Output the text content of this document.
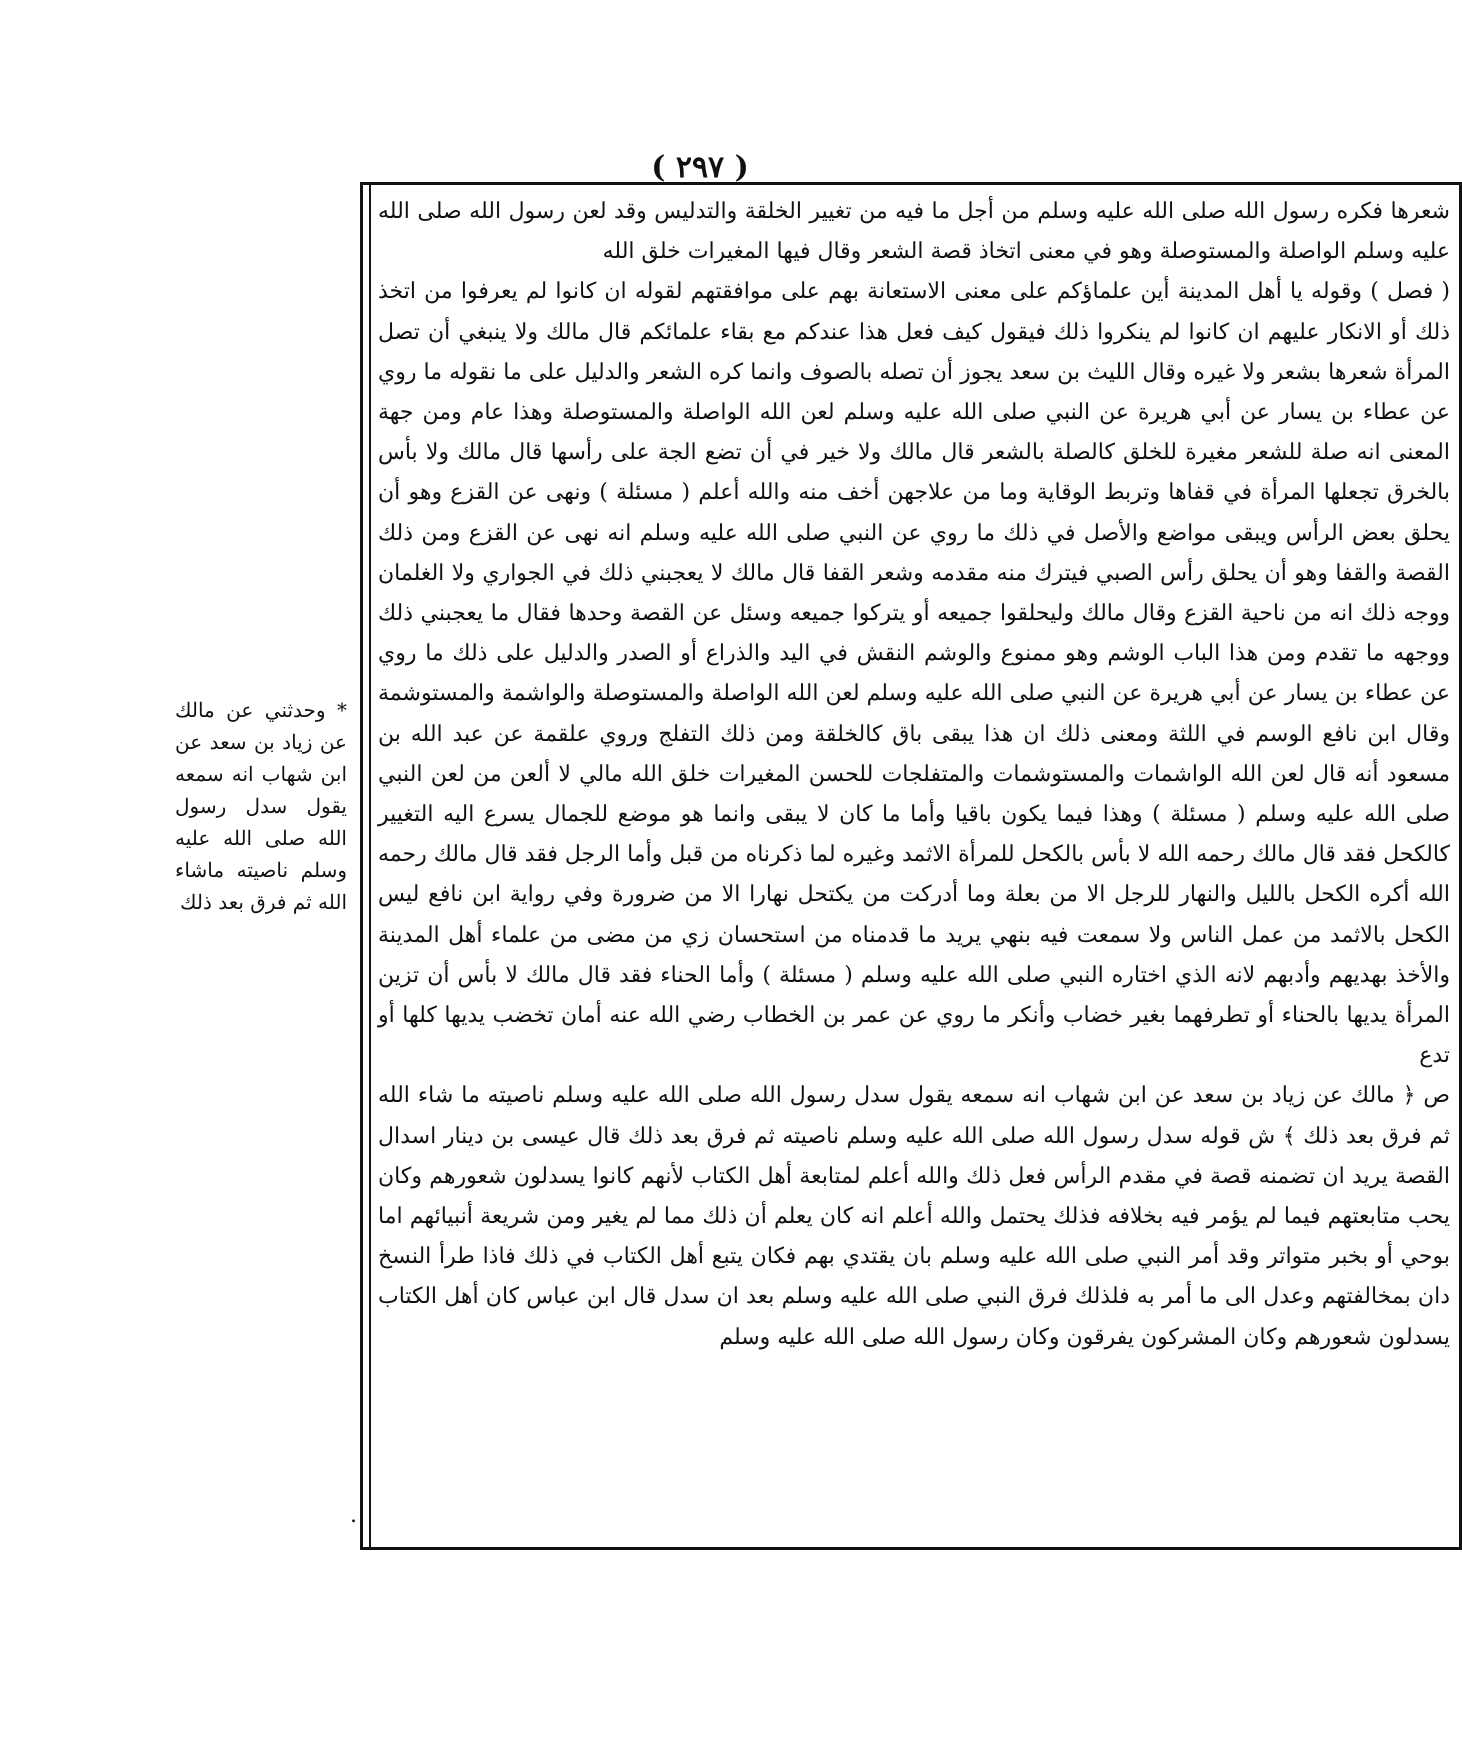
( ٢٩٧ )
* وحدثني عن مالك عن زياد بن سعد عن ابن شهاب انه سمعه يقول سدل رسول الله صلى الله عليه وسلم ناصيته ماشاء الله ثم فرق بعد ذلك

شعرها فكره رسول الله صلى الله عليه وسلم من أجل ما فيه من تغيير الخلقة والتدليس وقد لعن رسول الله صلى الله عليه وسلم الواصلة والمستوصلة وهو في معنى اتخاذ قصة الشعر وقال فيها المغيرات خلق الله

( فصل ) وقوله يا أهل المدينة أين علماؤكم على معنى الاستعانة بهم على موافقتهم لقوله ان كانوا لم يعرفوا من اتخذ ذلك أو الانكار عليهم ان كانوا لم ينكروا ذلك فيقول كيف فعل هذا عندكم مع بقاء علمائكم قال مالك ولا ينبغي أن تصل المرأة شعرها بشعر ولا غيره وقال الليث بن سعد يجوز أن تصله بالصوف وانما كره الشعر والدليل على ما نقوله ما روي عن عطاء بن يسار عن أبي هريرة عن النبي صلى الله عليه وسلم لعن الله الواصلة والمستوصلة وهذا عام ومن جهة المعنى انه صلة للشعر مغيرة للخلق كالصلة بالشعر قال مالك ولا خير في أن تضع الجة على رأسها قال مالك ولا بأس بالخرق تجعلها المرأة في قفاها وتربط الوقاية وما من علاجهن أخف منه والله أعلم ( مسئلة ) ونهى عن القزع وهو أن يحلق بعض الرأس ويبقى مواضع والأصل في ذلك ما روي عن النبي صلى الله عليه وسلم انه نهى عن القزع ومن ذلك القصة والقفا وهو أن يحلق رأس الصبي فيترك منه مقدمه وشعر القفا قال مالك لا يعجبني ذلك في الجواري ولا الغلمان ووجه ذلك انه من ناحية القزع وقال مالك وليحلقوا جميعه أو يتركوا جميعه وسئل عن القصة وحدها فقال ما يعجبني ذلك ووجهه ما تقدم ومن هذا الباب الوشم وهو ممنوع والوشم النقش في اليد والذراع أو الصدر والدليل على ذلك ما روي عن عطاء بن يسار عن أبي هريرة عن النبي صلى الله عليه وسلم لعن الله الواصلة والمستوصلة والواشمة والمستوشمة وقال ابن نافع الوسم في اللثة ومعنى ذلك ان هذا يبقى باق كالخلقة ومن ذلك التفلج وروي علقمة عن عبد الله بن مسعود أنه قال لعن الله الواشمات والمستوشمات والمتفلجات للحسن المغيرات خلق الله مالي لا ألعن من لعن النبي صلى الله عليه وسلم ( مسئلة ) وهذا فيما يكون باقيا وأما ما كان لا يبقى وانما هو موضع للجمال يسرع اليه التغيير كالكحل فقد قال مالك رحمه الله لا بأس بالكحل للمرأة الاثمد وغيره لما ذكرناه من قبل وأما الرجل فقد قال مالك رحمه الله أكره الكحل بالليل والنهار للرجل الا من بعلة وما أدركت من يكتحل نهارا الا من ضرورة وفي رواية ابن نافع ليس الكحل بالاثمد من عمل الناس ولا سمعت فيه بنهي يريد ما قدمناه من استحسان زي من مضى من علماء أهل المدينة والأخذ بهديهم وأدبهم لانه الذي اختاره النبي صلى الله عليه وسلم ( مسئلة ) وأما الحناء فقد قال مالك لا بأس أن تزين المرأة يديها بالحناء أو تطرفهما بغير خضاب وأنكر ما روي عن عمر بن الخطاب رضي الله عنه أمان تخضب يديها كلها أو تدع

ص ﴿ مالك عن زياد بن سعد عن ابن شهاب انه سمعه يقول سدل رسول الله صلى الله عليه وسلم ناصيته ما شاء الله ثم فرق بعد ذلك ﴾ ش قوله سدل رسول الله صلى الله عليه وسلم ناصيته ثم فرق بعد ذلك قال عيسى بن دينار اسدال القصة يريد ان تضمنه قصة في مقدم الرأس فعل ذلك والله أعلم لمتابعة أهل الكتاب لأنهم كانوا يسدلون شعورهم وكان يحب متابعتهم فيما لم يؤمر فيه بخلافه فذلك يحتمل والله أعلم انه كان يعلم أن ذلك مما لم يغير ومن شريعة أنبيائهم اما بوحي أو بخبر متواتر وقد أمر النبي صلى الله عليه وسلم بان يقتدي بهم فكان يتبع أهل الكتاب في ذلك فاذا طرأ النسخ دان بمخالفتهم وعدل الى ما أمر به فلذلك فرق النبي صلى الله عليه وسلم بعد ان سدل قال ابن عباس كان أهل الكتاب يسدلون شعورهم وكان المشركون يفرقون وكان رسول الله صلى الله عليه وسلم

.
